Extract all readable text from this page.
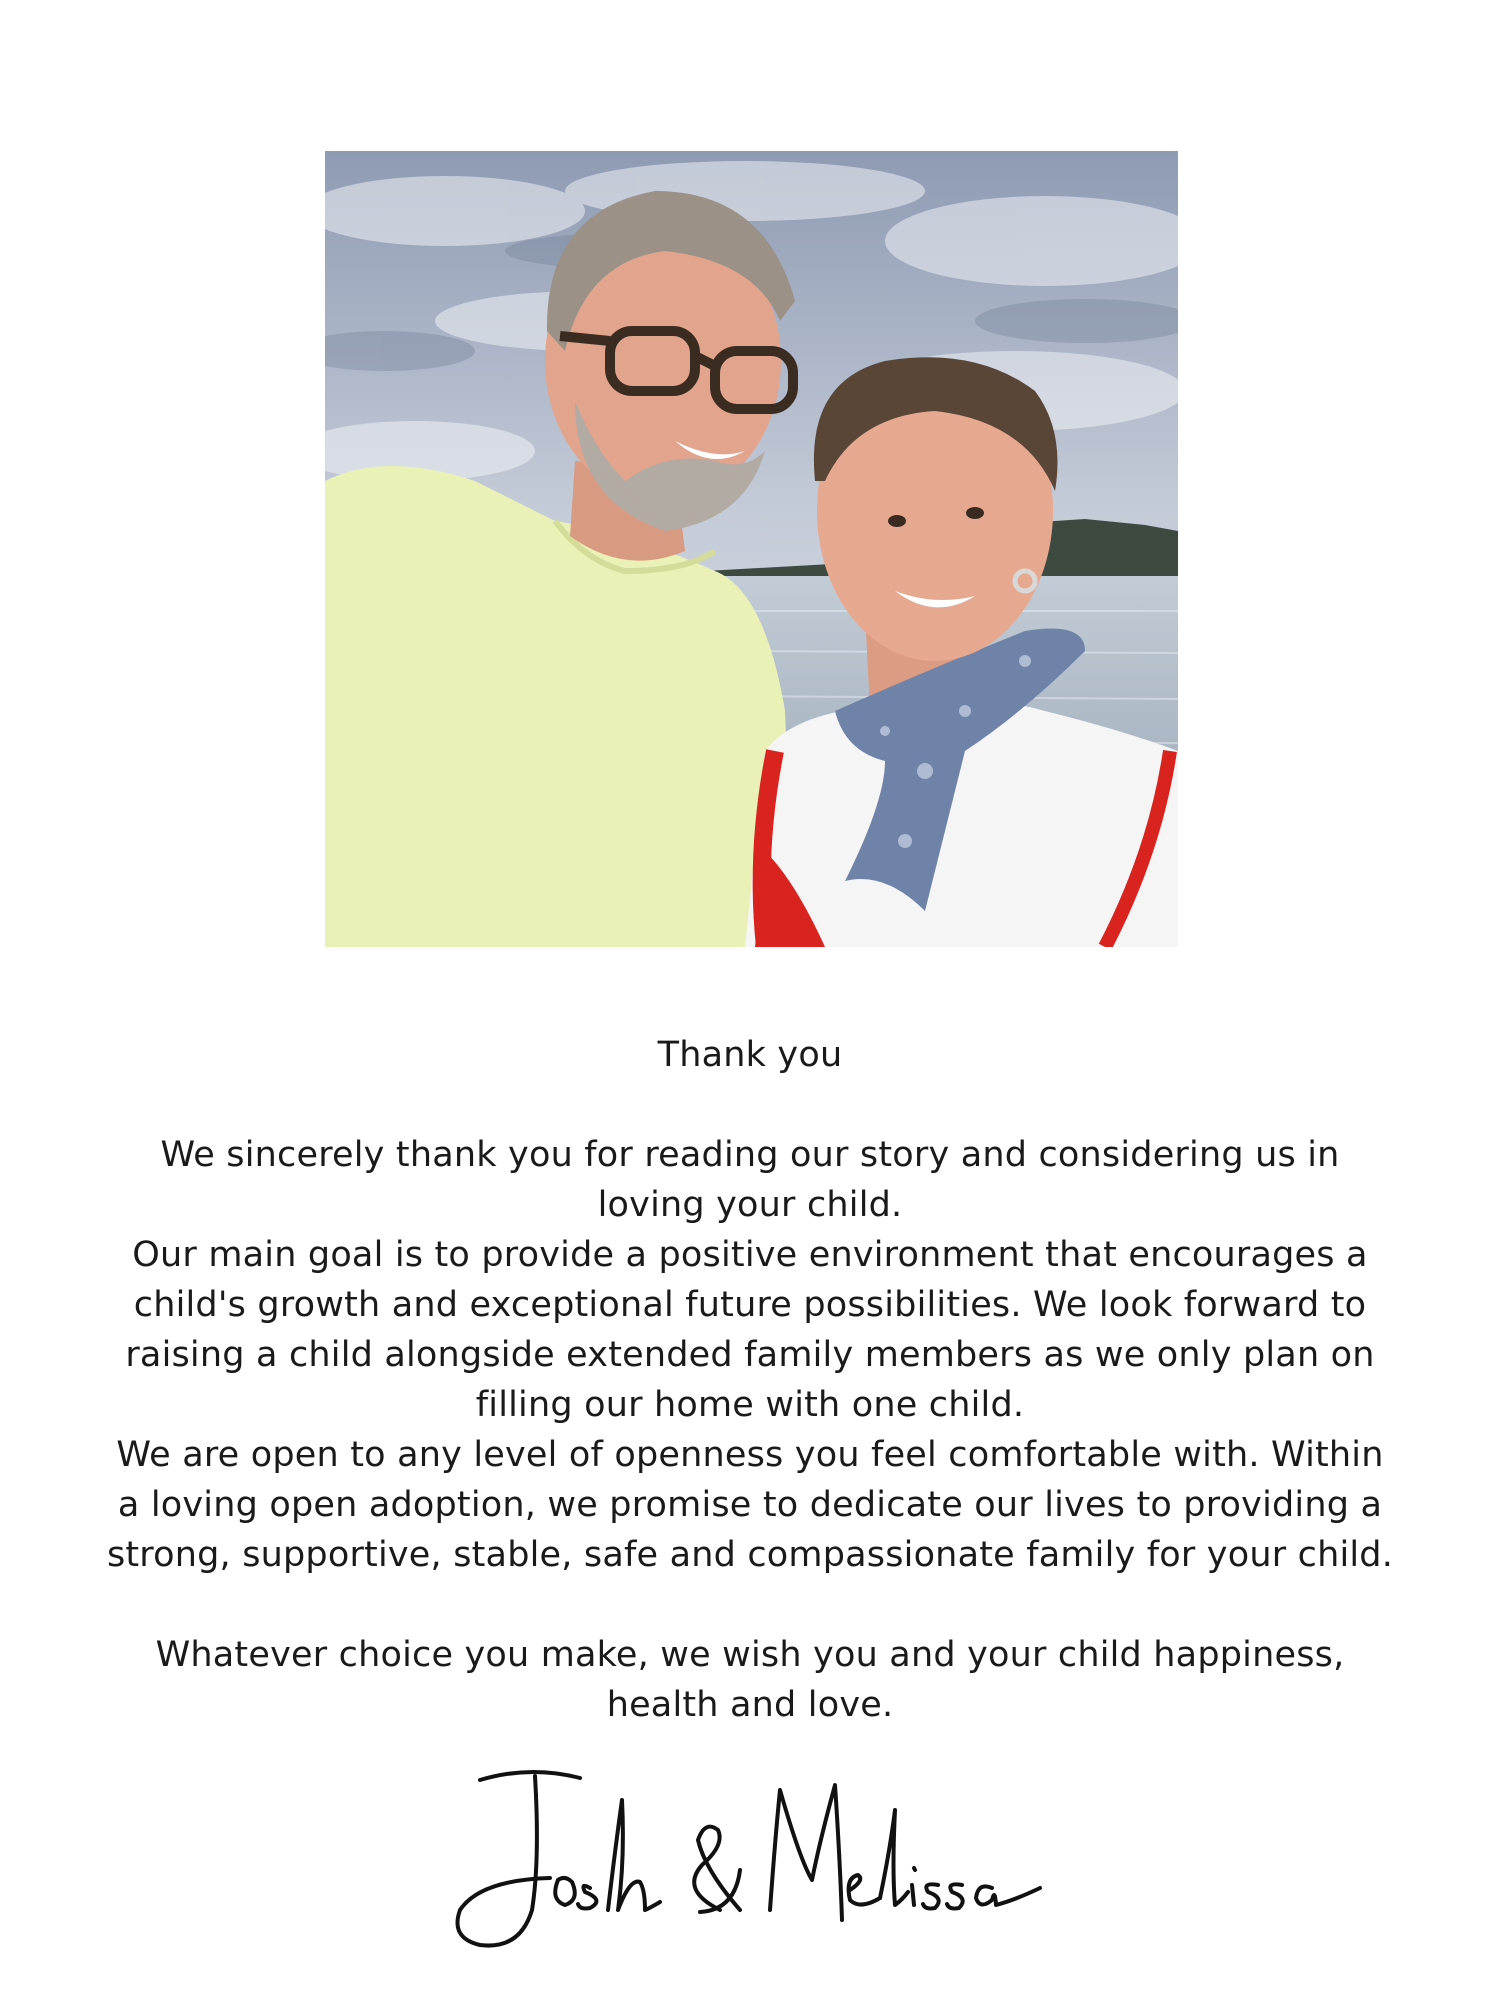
Thank you

We sincerely thank you for reading our story and considering us in

loving your child.

Our main goal is to provide a positive environment that encourages a

child's growth and exceptional future possibilities. We look forward to

raising a child alongside extended family members as we only plan on

filling our home with one child.

We are open to any level of openness you feel comfortable with. Within

a loving open adoption, we promise to dedicate our lives to providing a

strong, supportive, stable, safe and compassionate family for your child.

Whatever choice you make, we wish you and your child happiness,

health and love.
